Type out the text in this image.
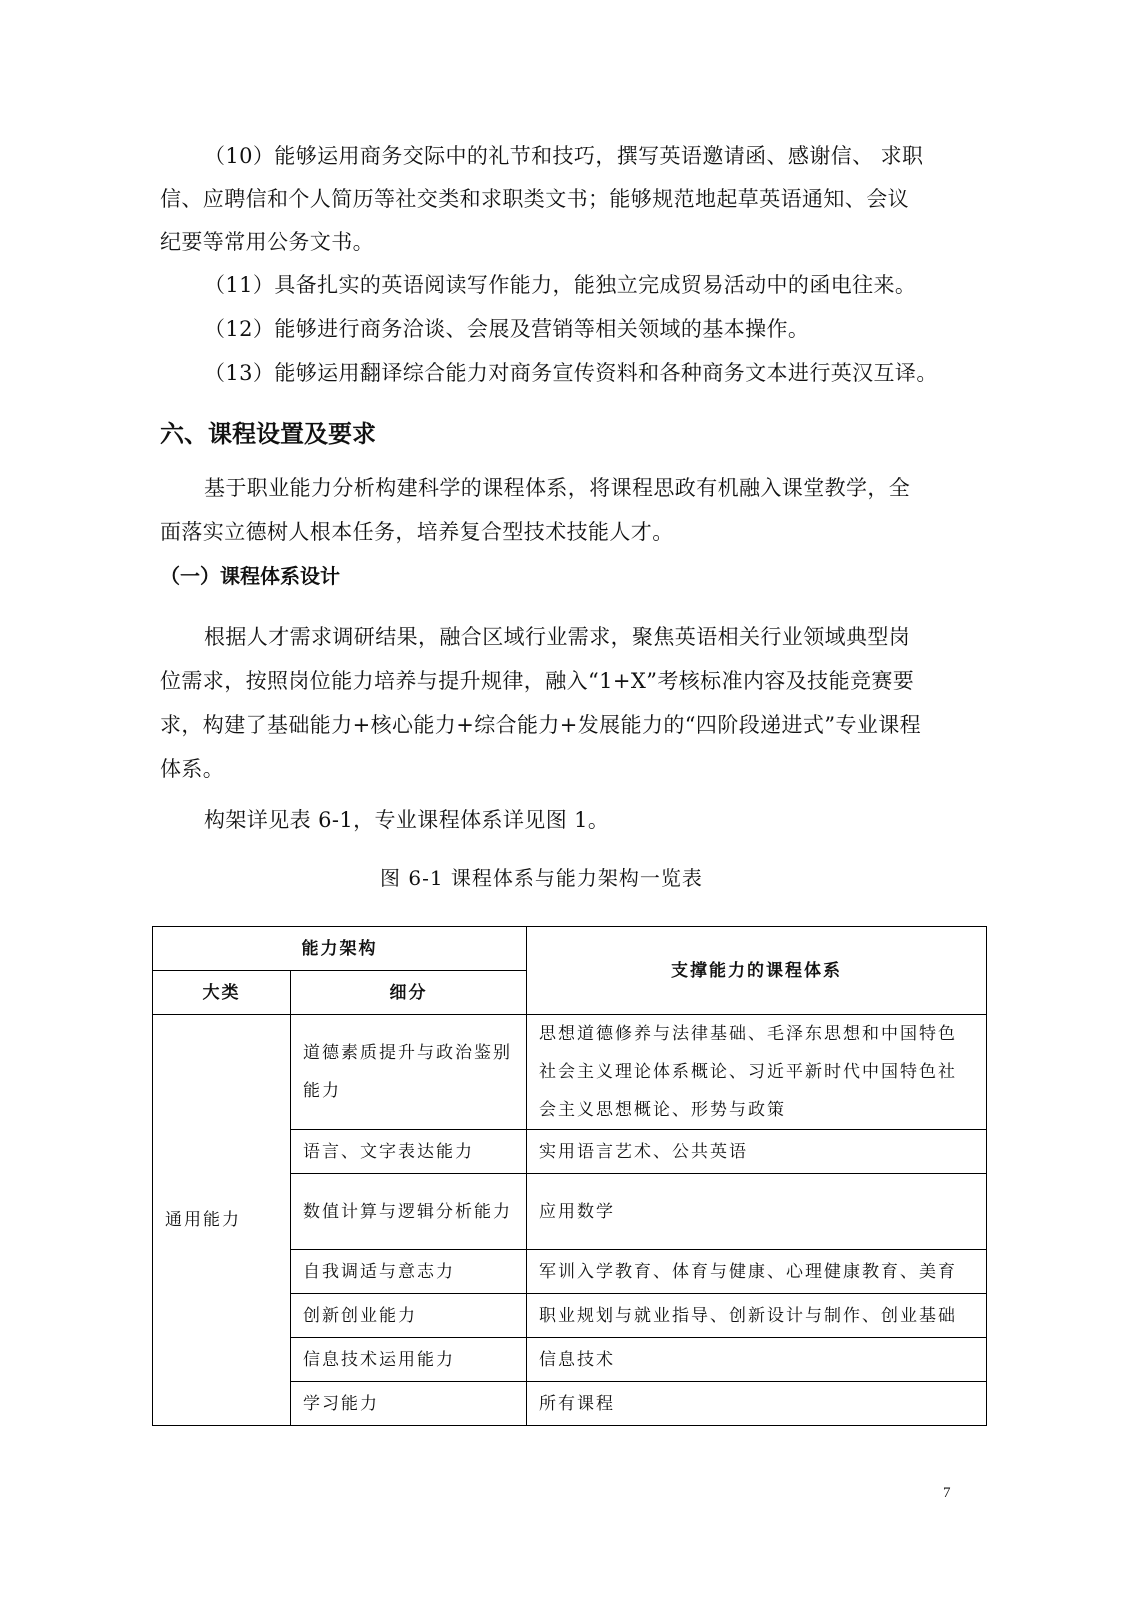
（10）能够运用商务交际中的礼节和技巧，撰写英语邀请函、感谢信、 求职
信、应聘信和个人简历等社交类和求职类文书；能够规范地起草英语通知、会议
纪要等常用公务文书。
（11）具备扎实的英语阅读写作能力，能独立完成贸易活动中的函电往来。
（12）能够进行商务洽谈、会展及营销等相关领域的基本操作。
（13）能够运用翻译综合能力对商务宣传资料和各种商务文本进行英汉互译。
六、课程设置及要求
基于职业能力分析构建科学的课程体系，将课程思政有机融入课堂教学，全
面落实立德树人根本任务，培养复合型技术技能人才。
（一）课程体系设计
根据人才需求调研结果，融合区域行业需求，聚焦英语相关行业领域典型岗
位需求，按照岗位能力培养与提升规律，融入“1+X”考核标准内容及技能竞赛要
求，构建了基础能力+核心能力+综合能力+发展能力的“四阶段递进式”专业课程
体系。
构架详见表 6-1，专业课程体系详见图 1。
图 6-1 课程体系与能力架构一览表
能力架构		支撑能力的课程体系
大类	细分	
通用能力	道德素质提升与政治鉴别能力	思想道德修养与法律基础、毛泽东思想和中国特色社会主义理论体系概论、习近平新时代中国特色社会主义思想概论、形势与政策
	语言、文字表达能力	实用语言艺术、公共英语
	数值计算与逻辑分析能力	应用数学
	自我调适与意志力	军训入学教育、体育与健康、心理健康教育、美育
	创新创业能力	职业规划与就业指导、创新设计与制作、创业基础
	信息技术运用能力	信息技术
	学习能力	所有课程
7
